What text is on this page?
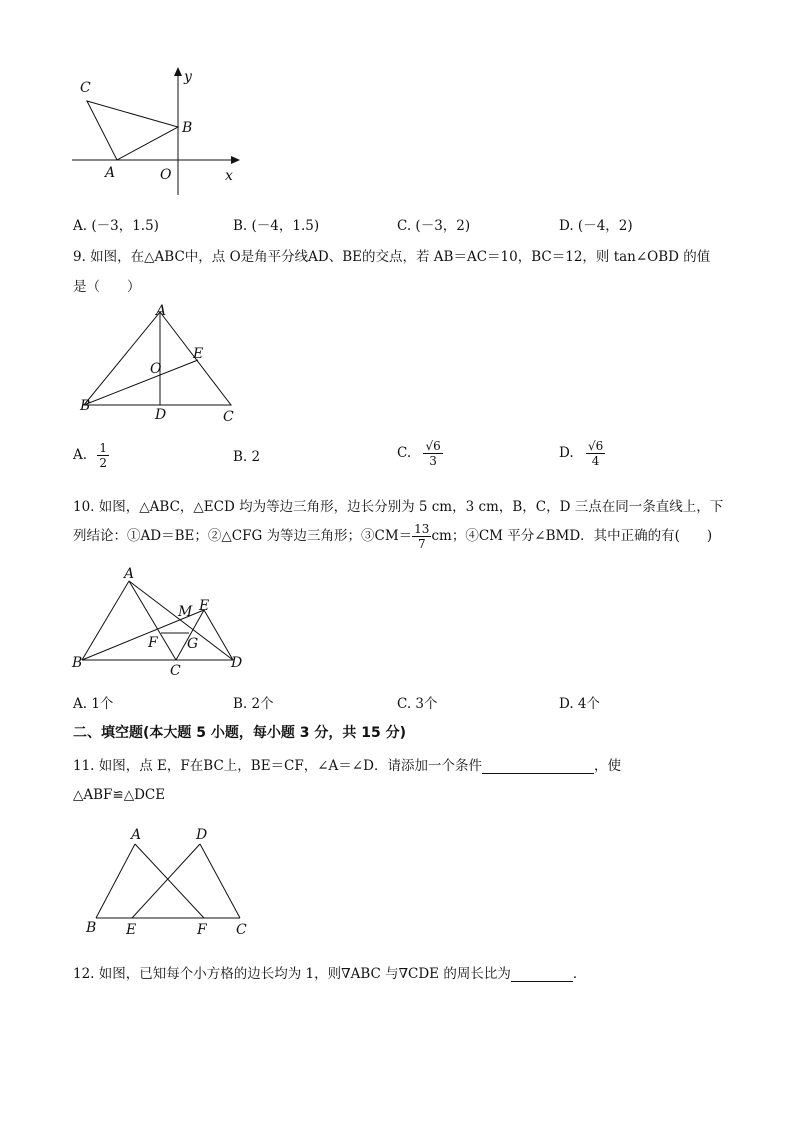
C
B
A	O	x
y
A. (－3，1.5)	B. (－4，1.5)	C. (－3，2)	D. (－4，2)
9. 如图，在△ABC中，点 O是角平分线AD、BE的交点，若 AB＝AC＝10，BC＝12，则 tan∠OBD 的值
是（　　）
A
E
O
B
D	C
A. $\frac{1}{2}$	B. 2	C. $\frac{√6}{3}$	D. $\frac{√6}{4}$
10. 如图，△ABC，△ECD 均为等边三角形，边长分别为 5 cm，3 cm，B，C，D 三点在同一条直线上，下
列结论：①AD＝BE；②△CFG 为等边三角形；③CM＝ $\frac{13}{7}$ cm；④CM 平分∠BMD．其中正确的有(　　)
A
M E
F G
B	C	D
A. 1个	B. 2个	C. 3个	D. 4个
二、填空题(本大题 5 小题，每小题 3 分，共 15 分)
11. 如图，点 E，F在BC上，BE＝CF，∠A＝∠D．请添加一个条件	，使
△ABF≌△DCE
A	D
B E	F C
12. 如图，已知每个小方格的边长均为 1，则∇ABC 与∇CDE 的周长比为	．
